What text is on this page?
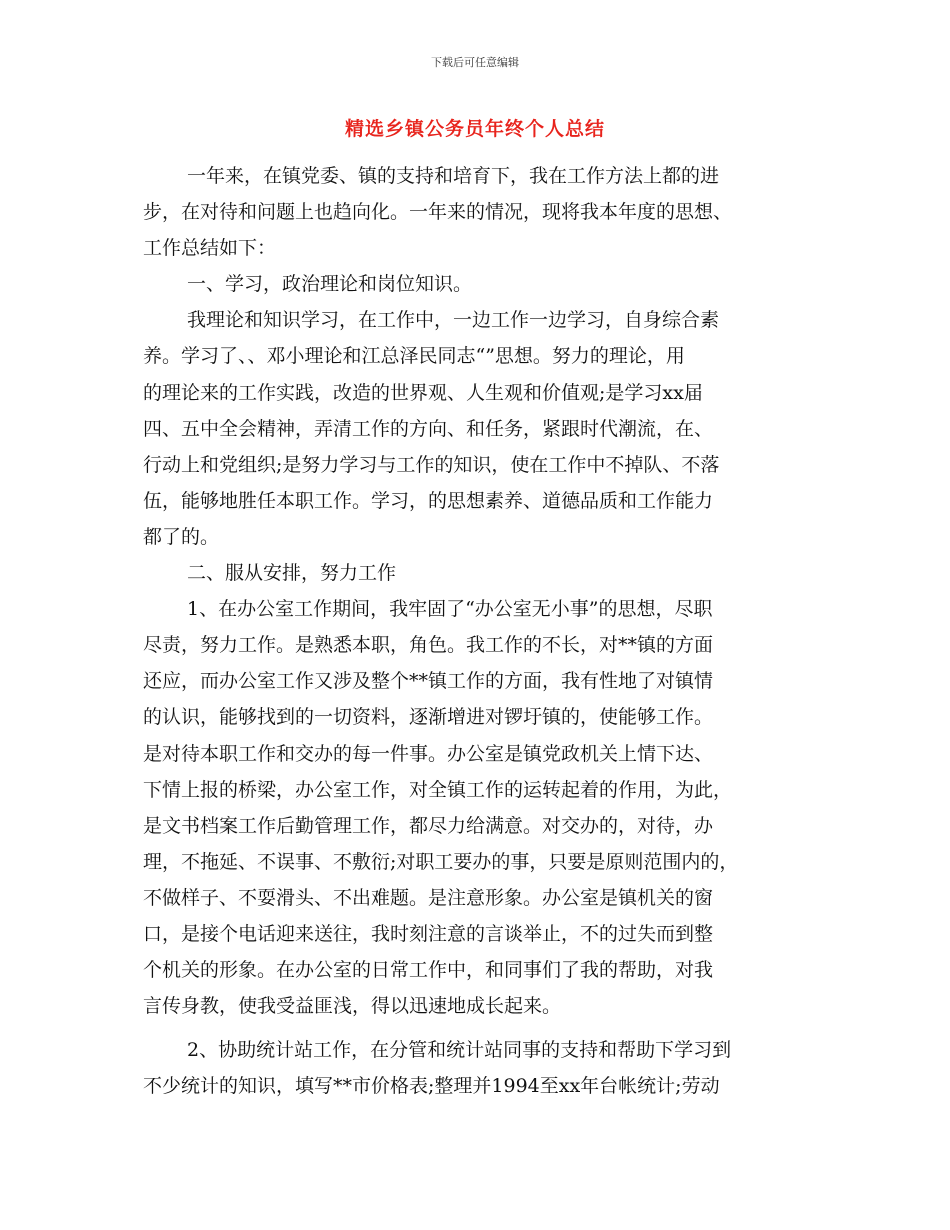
下载后可任意编辑
精选乡镇公务员年终个人总结
一年来，在镇党委、镇的支持和培育下，我在工作方法上都的进
步，在对待和问题上也趋向化。一年来的情况，现将我本年度的思想、
工作总结如下：
一、学习，政治理论和岗位知识。
我理论和知识学习，在工作中，一边工作一边学习，自身综合素
养。学习了、、邓小理论和江总泽民同志“”思想。努力的理论，用
的理论来的工作实践，改造的世界观、人生观和价值观;是学习xx届
四、五中全会精神，弄清工作的方向、和任务，紧跟时代潮流，在、
行动上和党组织;是努力学习与工作的知识，使在工作中不掉队、不落
伍，能够地胜任本职工作。学习，的思想素养、道德品质和工作能力
都了的。
二、服从安排，努力工作
1、在办公室工作期间，我牢固了“办公室无小事”的思想，尽职
尽责，努力工作。是熟悉本职，角色。我工作的不长，对**镇的方面
还应，而办公室工作又涉及整个**镇工作的方面，我有性地了对镇情
的认识，能够找到的一切资料，逐渐增进对锣圩镇的，使能够工作。
是对待本职工作和交办的每一件事。办公室是镇党政机关上情下达、
下情上报的桥梁，办公室工作，对全镇工作的运转起着的作用，为此，
是文书档案工作后勤管理工作，都尽力给满意。对交办的，对待，办
理，不拖延、不误事、不敷衍;对职工要办的事，只要是原则范围内的，
不做样子、不耍滑头、不出难题。是注意形象。办公室是镇机关的窗
口，是接个电话迎来送往，我时刻注意的言谈举止，不的过失而到整
个机关的形象。在办公室的日常工作中，和同事们了我的帮助，对我
言传身教，使我受益匪浅，得以迅速地成长起来。
2、协助统计站工作，在分管和统计站同事的支持和帮助下学习到
不少统计的知识，填写**市价格表;整理并1994至xx年台帐统计;劳动
